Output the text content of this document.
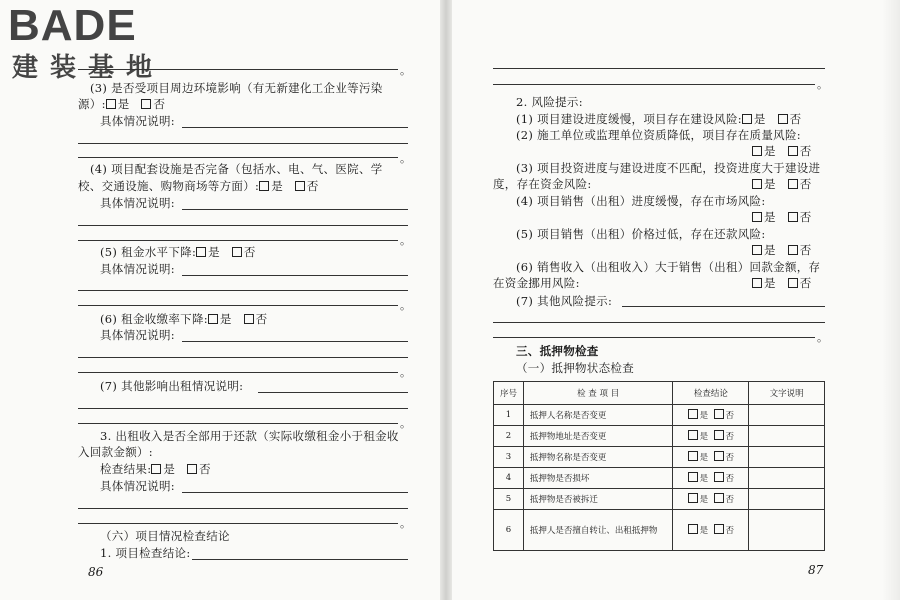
BADE
建装基地	。
(3) 是否受项目周边环境影响（有无新建化工企业等污染
源）: 是 否
具体情况说明:
。
(4) 项目配套设施是否完备（包括水、电、气、医院、学
校、交通设施、购物商场等方面）: 是 否
具体情况说明:
。
(5) 租金水平下降: 是 否
具体情况说明:
。
(6) 租金收缴率下降: 是 否
具体情况说明:
。
(7) 其他影响出租情况说明:
。
3. 出租收入是否全部用于还款（实际收缴租金小于租金收
入回款金额）:
检查结果: 是 否
具体情况说明:
。
（六）项目情况检查结论
1. 项目检查结论:
86
。
2. 风险提示:
(1) 项目建设进度缓慢，项目存在建设风险: 是 否
(2) 施工单位或监理单位资质降低，项目存在质量风险:
是 否
(3) 项目投资进度与建设进度不匹配，投资进度大于建设进
度，存在资金风险:	是 否
(4) 项目销售（出租）进度缓慢，存在市场风险:
是 否
(5) 项目销售（出租）价格过低，存在还款风险:
是 否
(6) 销售收入（出租收入）大于销售（出租）回款金额，存
在资金挪用风险:	是 否
(7) 其他风险提示:
。
三、抵押物检查
（一）抵押物状态检查
序号	检 查 项 目	检查结论	文字说明
1	抵押人名称是否变更	是 否	
2	抵押物地址是否变更	是 否	
3	抵押物名称是否变更	是 否	
4	抵押物是否损坏	是 否	
5	抵押物是否被拆迁	是 否	
6	抵押人是否擅自转让、出租抵押物	是 否	
87
